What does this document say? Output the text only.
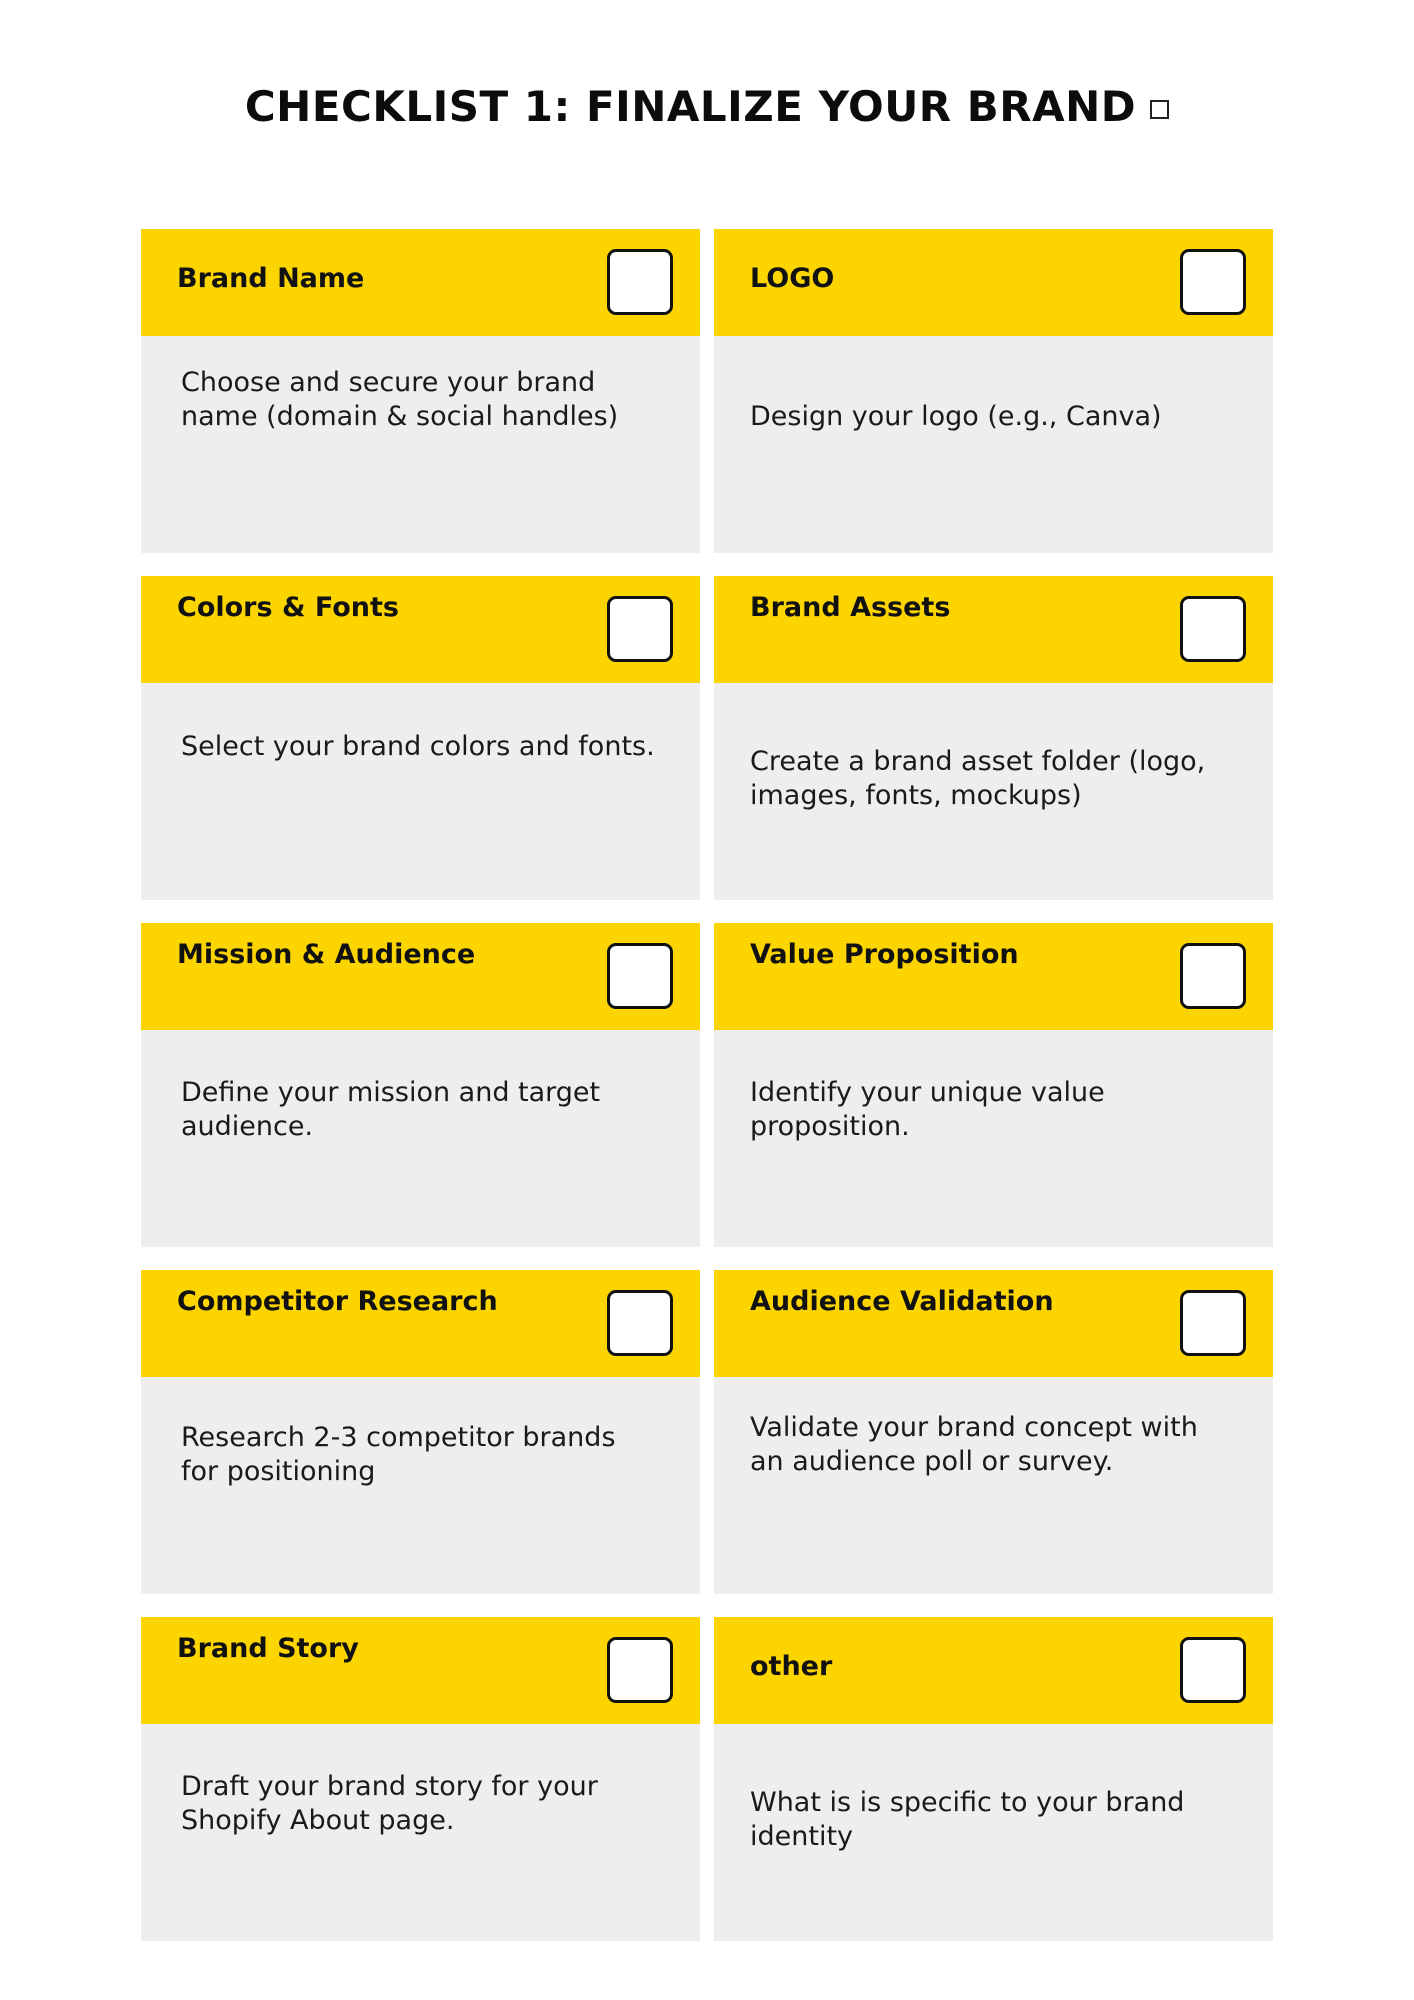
CHECKLIST 1: FINALIZE YOUR BRAND
Brand Name
Choose and secure your brand name (domain & social handles)
LOGO
Design your logo (e.g., Canva)
Colors & Fonts
Select your brand colors and fonts.
Brand Assets
Create a brand asset folder (logo, images, fonts, mockups)
Mission & Audience
Define your mission and target audience.
Value Proposition
Identify your unique value proposition.
Competitor Research
Research 2-3 competitor brands for positioning
Audience Validation
Validate your brand concept with an audience poll or survey.
Brand Story
Draft your brand story for your Shopify About page.
other
What is is specific to your brand identity
